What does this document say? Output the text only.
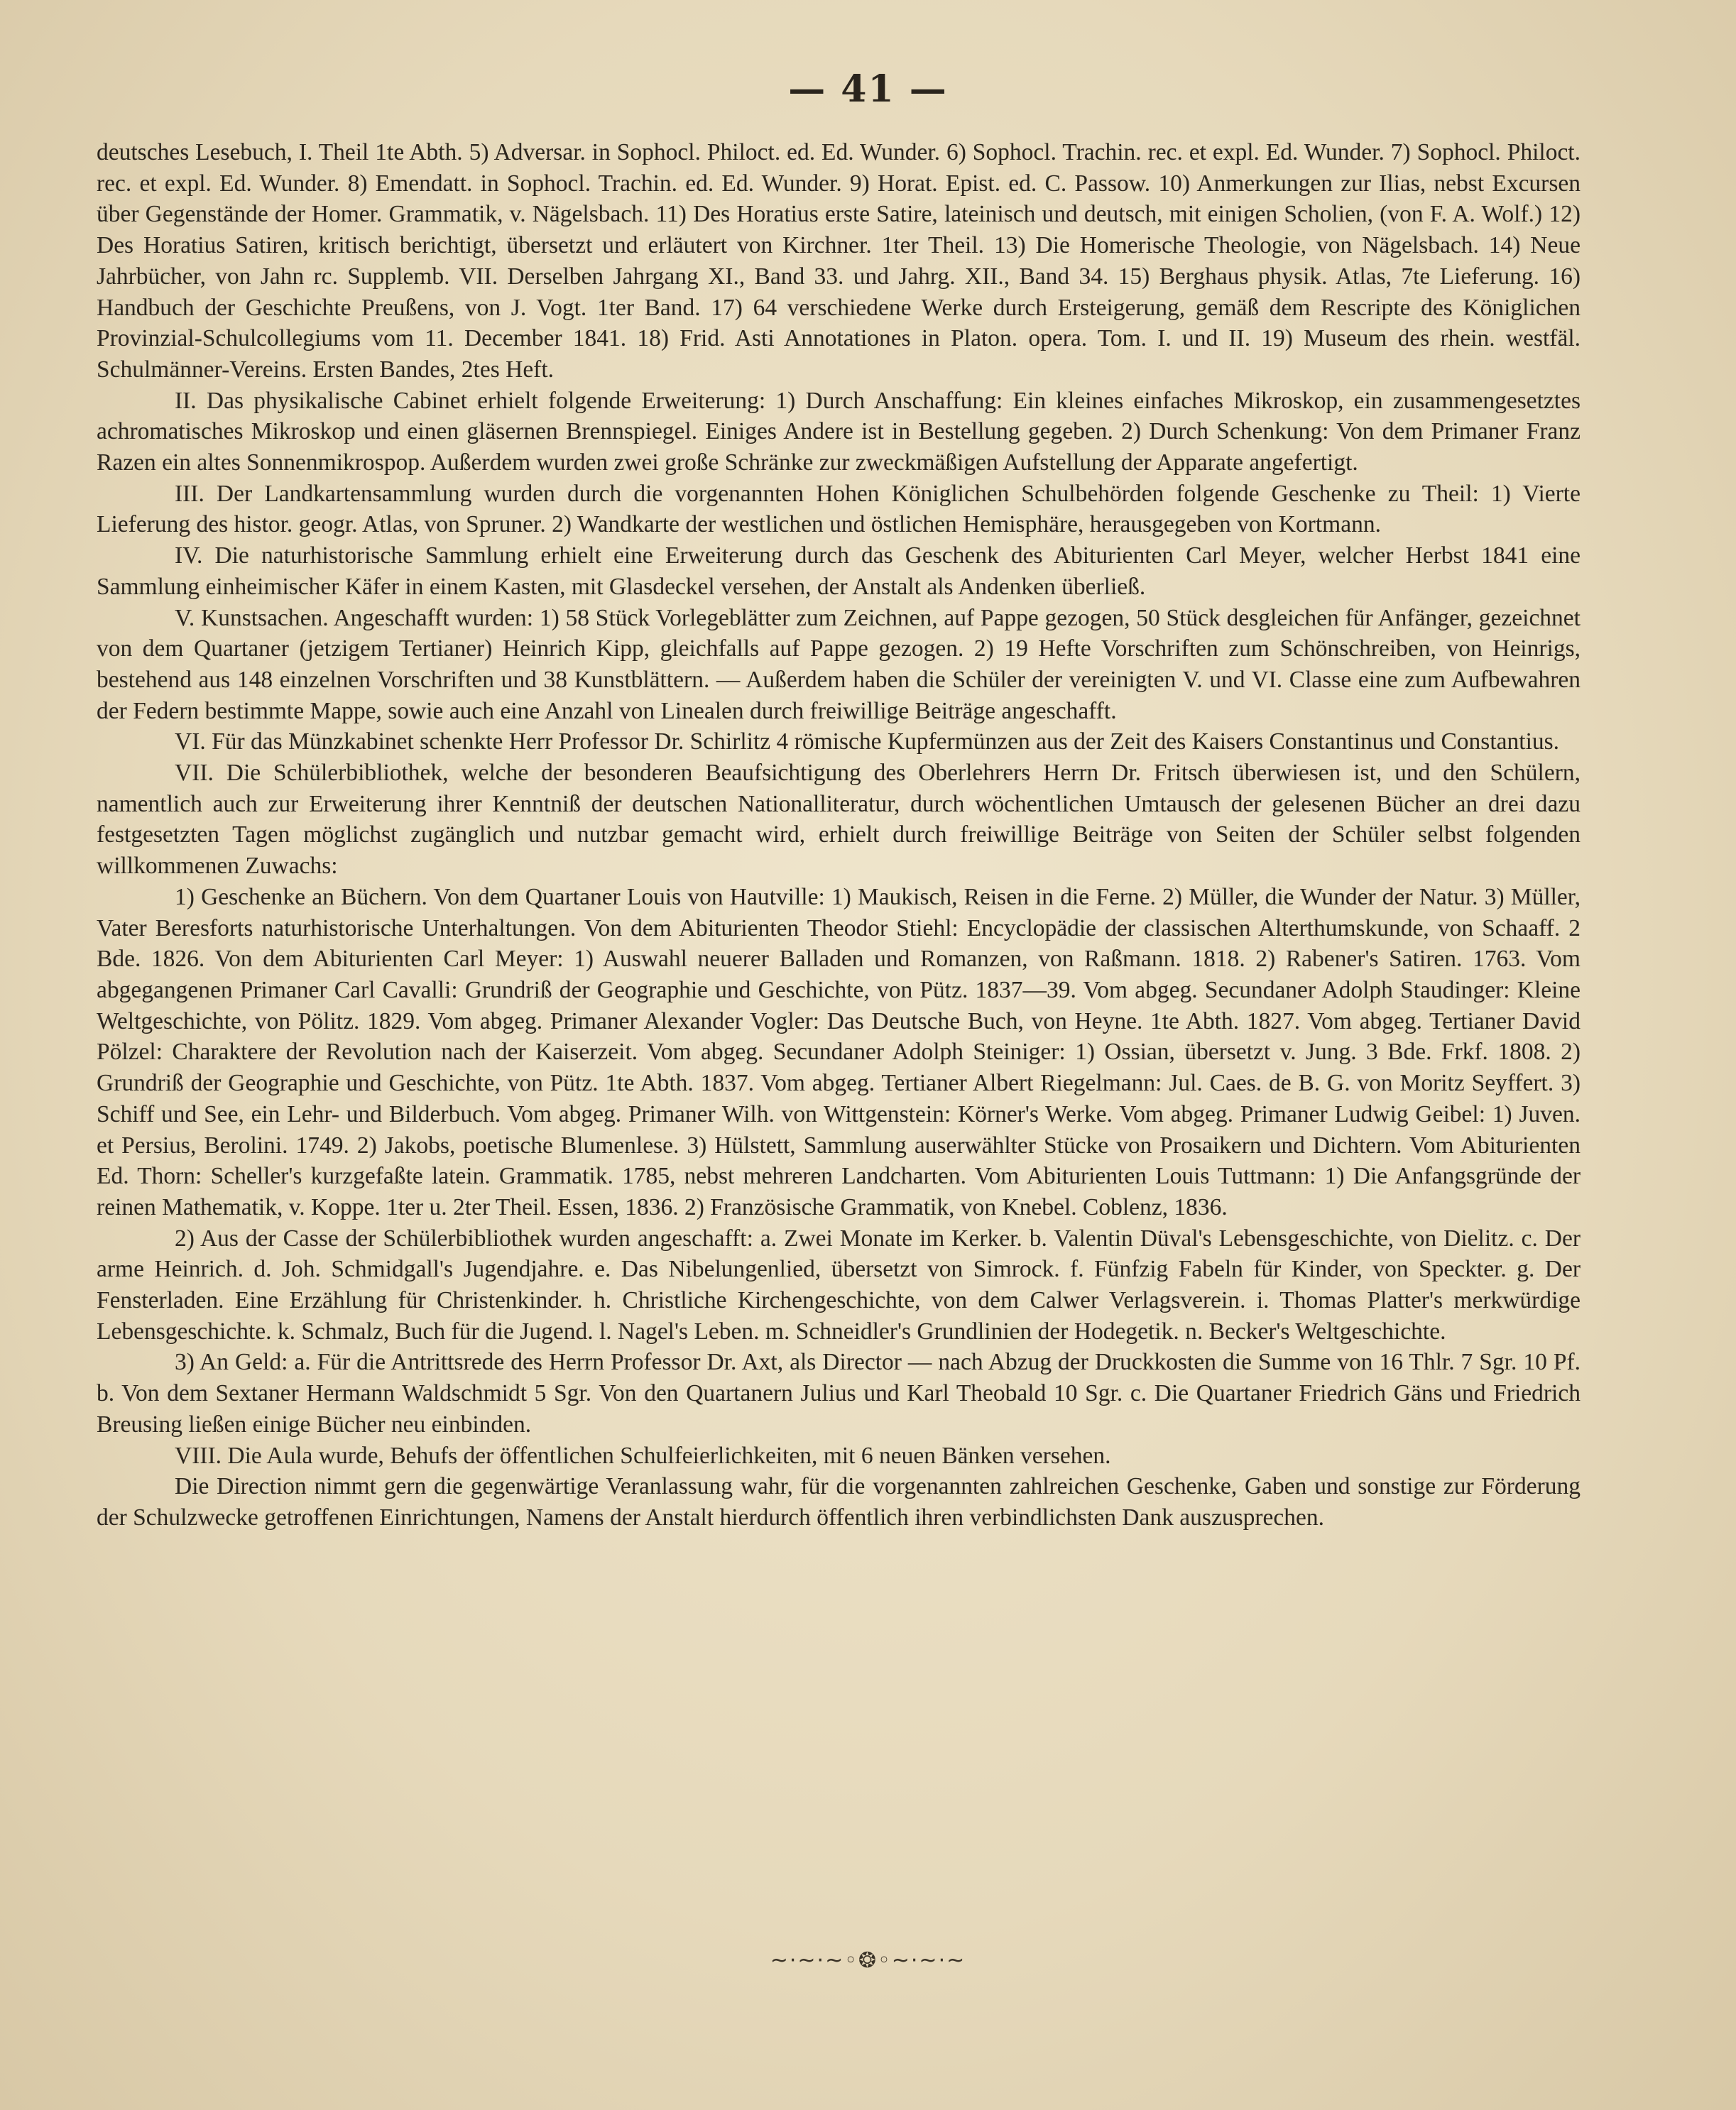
— 41 —

deutsches Lesebuch, I. Theil 1te Abth. 5) Adversar. in Sophocl. Philoct. ed. Ed. Wunder. 6) Sophocl. Trachin. rec. et expl. Ed. Wunder. 7) Sophocl. Philoct. rec. et expl. Ed. Wunder. 8) Emendatt. in Sophocl. Trachin. ed. Ed. Wunder. 9) Horat. Epist. ed. C. Passow. 10) Anmerkungen zur Ilias, nebst Excursen über Gegenstände der Homer. Grammatik, v. Nägelsbach. 11) Des Horatius erste Satire, lateinisch und deutsch, mit einigen Scholien, (von F. A. Wolf.) 12) Des Horatius Satiren, kritisch berichtigt, übersetzt und erläutert von Kirchner. 1ter Theil. 13) Die Homerische Theologie, von Nägelsbach. 14) Neue Jahrbücher, von Jahn rc. Supplemb. VII. Derselben Jahrgang XI., Band 33. und Jahrg. XII., Band 34. 15) Berghaus physik. Atlas, 7te Lieferung. 16) Handbuch der Geschichte Preußens, von J. Vogt. 1ter Band. 17) 64 verschiedene Werke durch Ersteigerung, gemäß dem Rescripte des Königlichen Provinzial-Schulcollegiums vom 11. December 1841. 18) Frid. Asti Annotationes in Platon. opera. Tom. I. und II. 19) Museum des rhein. westfäl. Schulmänner-Vereins. Ersten Bandes, 2tes Heft.

II. Das physikalische Cabinet erhielt folgende Erweiterung: 1) Durch Anschaffung: Ein kleines einfaches Mikroskop, ein zusammengesetztes achromatisches Mikroskop und einen gläsernen Brennspiegel. Einiges Andere ist in Bestellung gegeben. 2) Durch Schenkung: Von dem Primaner Franz Razen ein altes Sonnenmikrospop. Außerdem wurden zwei große Schränke zur zweckmäßigen Aufstellung der Apparate angefertigt.

III. Der Landkartensammlung wurden durch die vorgenannten Hohen Königlichen Schulbehörden folgende Geschenke zu Theil: 1) Vierte Lieferung des histor. geogr. Atlas, von Spruner. 2) Wandkarte der westlichen und östlichen Hemisphäre, herausgegeben von Kortmann.

IV. Die naturhistorische Sammlung erhielt eine Erweiterung durch das Geschenk des Abiturienten Carl Meyer, welcher Herbst 1841 eine Sammlung einheimischer Käfer in einem Kasten, mit Glasdeckel versehen, der Anstalt als Andenken überließ.

V. Kunstsachen. Angeschafft wurden: 1) 58 Stück Vorlegeblätter zum Zeichnen, auf Pappe gezogen, 50 Stück desgleichen für Anfänger, gezeichnet von dem Quartaner (jetzigem Tertianer) Heinrich Kipp, gleichfalls auf Pappe gezogen. 2) 19 Hefte Vorschriften zum Schönschreiben, von Heinrigs, bestehend aus 148 einzelnen Vorschriften und 38 Kunstblättern. — Außerdem haben die Schüler der vereinigten V. und VI. Classe eine zum Aufbewahren der Federn bestimmte Mappe, sowie auch eine Anzahl von Linealen durch freiwillige Beiträge angeschafft.

VI. Für das Münzkabinet schenkte Herr Professor Dr. Schirlitz 4 römische Kupfermünzen aus der Zeit des Kaisers Constantinus und Constantius.

VII. Die Schülerbibliothek, welche der besonderen Beaufsichtigung des Oberlehrers Herrn Dr. Fritsch überwiesen ist, und den Schülern, namentlich auch zur Erweiterung ihrer Kenntniß der deutschen Nationalliteratur, durch wöchentlichen Umtausch der gelesenen Bücher an drei dazu festgesetzten Tagen möglichst zugänglich und nutzbar gemacht wird, erhielt durch freiwillige Beiträge von Seiten der Schüler selbst folgenden willkommenen Zuwachs:

1) Geschenke an Büchern. Von dem Quartaner Louis von Hautville: 1) Maukisch, Reisen in die Ferne. 2) Müller, die Wunder der Natur. 3) Müller, Vater Beresforts naturhistorische Unterhaltungen. Von dem Abiturienten Theodor Stiehl: Encyclopädie der classischen Alterthumskunde, von Schaaff. 2 Bde. 1826. Von dem Abiturienten Carl Meyer: 1) Auswahl neuerer Balladen und Romanzen, von Raßmann. 1818. 2) Rabener's Satiren. 1763. Vom abgegangenen Primaner Carl Cavalli: Grundriß der Geographie und Geschichte, von Pütz. 1837—39. Vom abgeg. Secundaner Adolph Staudinger: Kleine Weltgeschichte, von Pölitz. 1829. Vom abgeg. Primaner Alexander Vogler: Das Deutsche Buch, von Heyne. 1te Abth. 1827. Vom abgeg. Tertianer David Pölzel: Charaktere der Revolution nach der Kaiserzeit. Vom abgeg. Secundaner Adolph Steiniger: 1) Ossian, übersetzt v. Jung. 3 Bde. Frkf. 1808. 2) Grundriß der Geographie und Geschichte, von Pütz. 1te Abth. 1837. Vom abgeg. Tertianer Albert Riegelmann: Jul. Caes. de B. G. von Moritz Seyffert. 3) Schiff und See, ein Lehr- und Bilderbuch. Vom abgeg. Primaner Wilh. von Wittgenstein: Körner's Werke. Vom abgeg. Primaner Ludwig Geibel: 1) Juven. et Persius, Berolini. 1749. 2) Jakobs, poetische Blumenlese. 3) Hülstett, Sammlung auserwählter Stücke von Prosaikern und Dichtern. Vom Abiturienten Ed. Thorn: Scheller's kurzgefaßte latein. Grammatik. 1785, nebst mehreren Landcharten. Vom Abiturienten Louis Tuttmann: 1) Die Anfangsgründe der reinen Mathematik, v. Koppe. 1ter u. 2ter Theil. Essen, 1836. 2) Französische Grammatik, von Knebel. Coblenz, 1836.

2) Aus der Casse der Schülerbibliothek wurden angeschafft: a. Zwei Monate im Kerker. b. Valentin Düval's Lebensgeschichte, von Dielitz. c. Der arme Heinrich. d. Joh. Schmidgall's Jugendjahre. e. Das Nibelungenlied, übersetzt von Simrock. f. Fünfzig Fabeln für Kinder, von Speckter. g. Der Fensterladen. Eine Erzählung für Christenkinder. h. Christliche Kirchengeschichte, von dem Calwer Verlagsverein. i. Thomas Platter's merkwürdige Lebensgeschichte. k. Schmalz, Buch für die Jugend. l. Nagel's Leben. m. Schneidler's Grundlinien der Hodegetik. n. Becker's Weltgeschichte.

3) An Geld: a. Für die Antrittsrede des Herrn Professor Dr. Axt, als Director — nach Abzug der Druckkosten die Summe von 16 Thlr. 7 Sgr. 10 Pf. b. Von dem Sextaner Hermann Waldschmidt 5 Sgr. Von den Quartanern Julius und Karl Theobald 10 Sgr. c. Die Quartaner Friedrich Gäns und Friedrich Breusing ließen einige Bücher neu einbinden.

VIII. Die Aula wurde, Behufs der öffentlichen Schulfeierlichkeiten, mit 6 neuen Bänken versehen.

Die Direction nimmt gern die gegenwärtige Veranlassung wahr, für die vorgenannten zahlreichen Geschenke, Gaben und sonstige zur Förderung der Schulzwecke getroffenen Einrichtungen, Namens der Anstalt hierdurch öffentlich ihren verbindlichsten Dank auszusprechen.

~·~·~◦❂◦~·~·~
